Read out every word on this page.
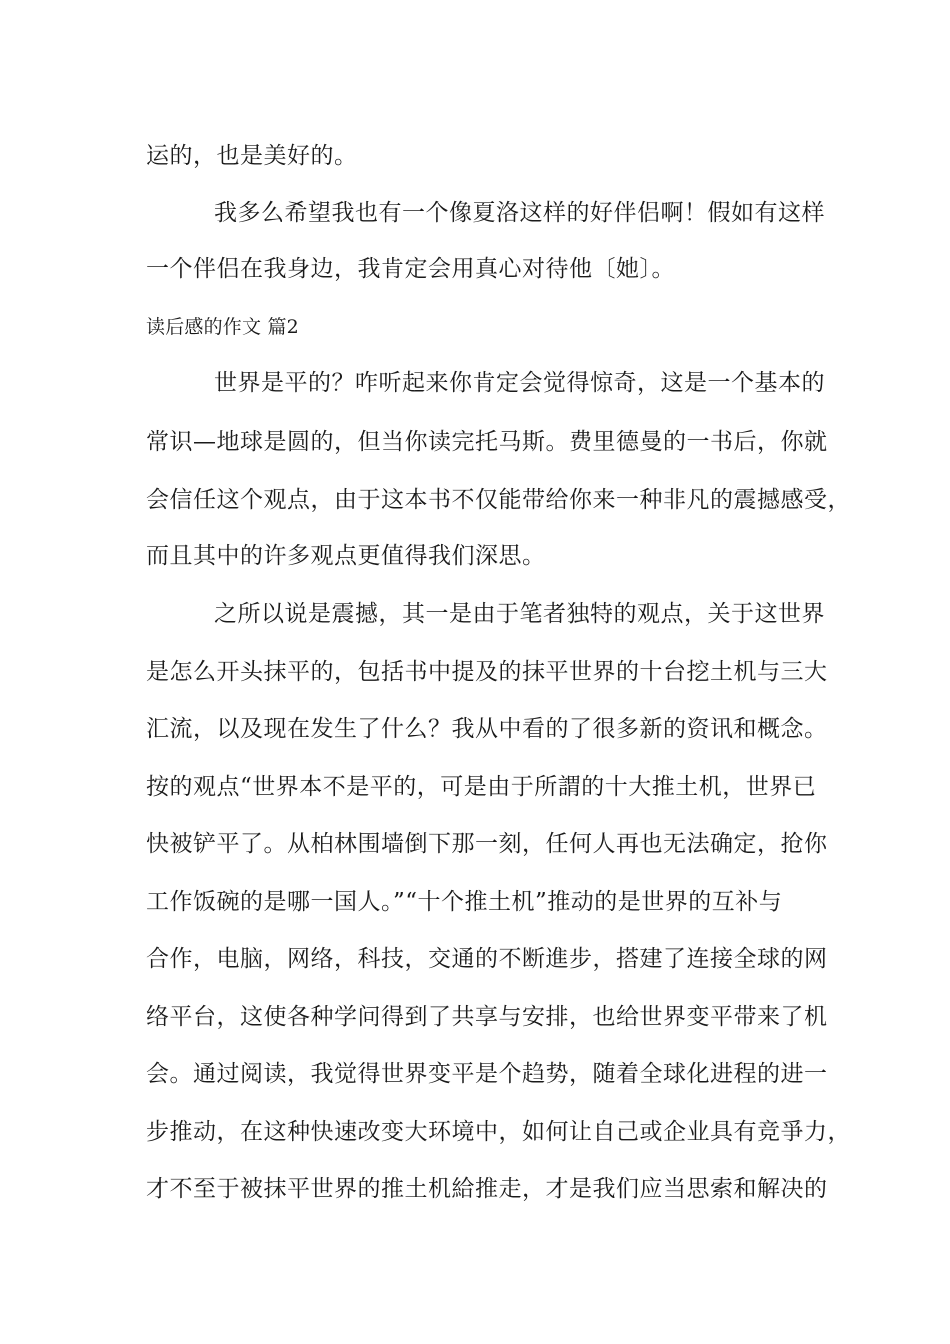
运的，也是美好的。
我多么希望我也有一个像夏洛这样的好伴侣啊！假如有这样
一个伴侣在我身边，我肯定会用真心对待他〔她〕。
读后感的作文 篇2
世界是平的？咋听起来你肯定会觉得惊奇，这是一个基本的
常识—地球是圆的，但当你读完托马斯。费里德曼的一书后，你就
会信任这个观点，由于这本书不仅能带给你来一种非凡的震撼感受，
而且其中的许多观点更值得我们深思。
之所以说是震撼，其一是由于笔者独特的观点，关于这世界
是怎么开头抹平的，包括书中提及的抹平世界的十台挖土机与三大
汇流，以及现在发生了什么？我从中看的了很多新的资讯和概念。
按的观点“世界本不是平的，可是由于所謂的十大推土机，世界已
快被铲平了。从柏林围墙倒下那一刻，任何人再也无法确定，抢你
工作饭碗的是哪一国人。”“十个推土机”推动的是世界的互补与
合作，电脑，网络，科技，交通的不断進步，搭建了连接全球的网
络平台，这使各种学问得到了共享与安排，也给世界变平带来了机
会。通过阅读，我觉得世界变平是个趋势，随着全球化进程的进一
步推动，在这种快速改变大环境中，如何让自己或企业具有竞爭力，
才不至于被抹平世界的推土机給推走，才是我们应当思索和解决的
